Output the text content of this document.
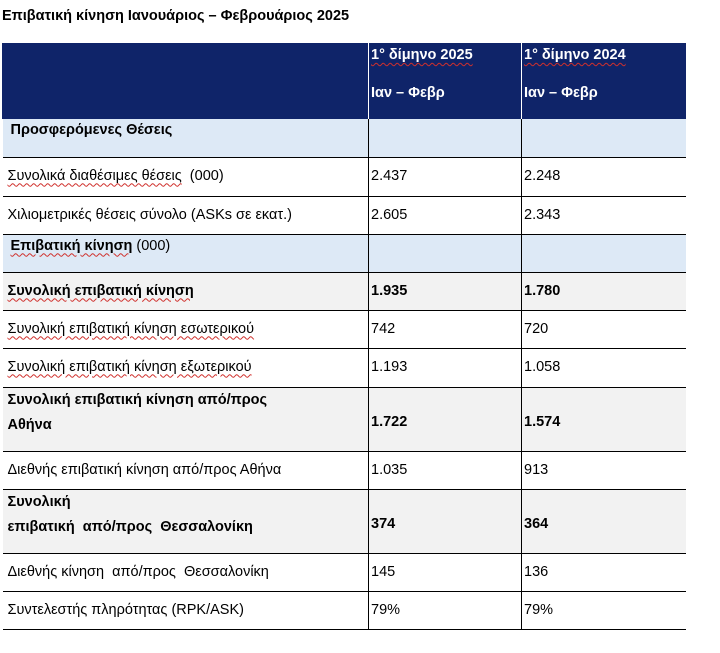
Επιβατική κίνηση Ιανουάριος – Φεβρουάριος 2025
	1° δίμηνο 2025	1° δίμηνο 2024
	Ιαν – Φεβρ	Ιαν – Φεβρ
Προσφερόμενες Θέσεις		
Συνολικά διαθέσιμες θέσεις  (000)	2.437	2.248
Χιλιομετρικές θέσεις σύνολο (ASKs σε εκατ.)	2.605	2.343
Επιβατική κίνηση (000)		
Συνολική επιβατική κίνηση	1.935	1.780
Συνολική επιβατική κίνηση εσωτερικού	742	720
Συνολική επιβατική κίνηση εξωτερικού	1.193	1.058
Συνολική επιβατική κίνηση από/προς
Αθήνα	1.722	1.574
Διεθνής επιβατική κίνηση από/προς Αθήνα	1.035	913
Συνολική
επιβατική  από/προς  Θεσσαλονίκη	374	364
Διεθνής κίνηση  από/προς  Θεσσαλονίκη	145	136
Συντελεστής πληρότητας (RPK/ASK)	79%	79%
